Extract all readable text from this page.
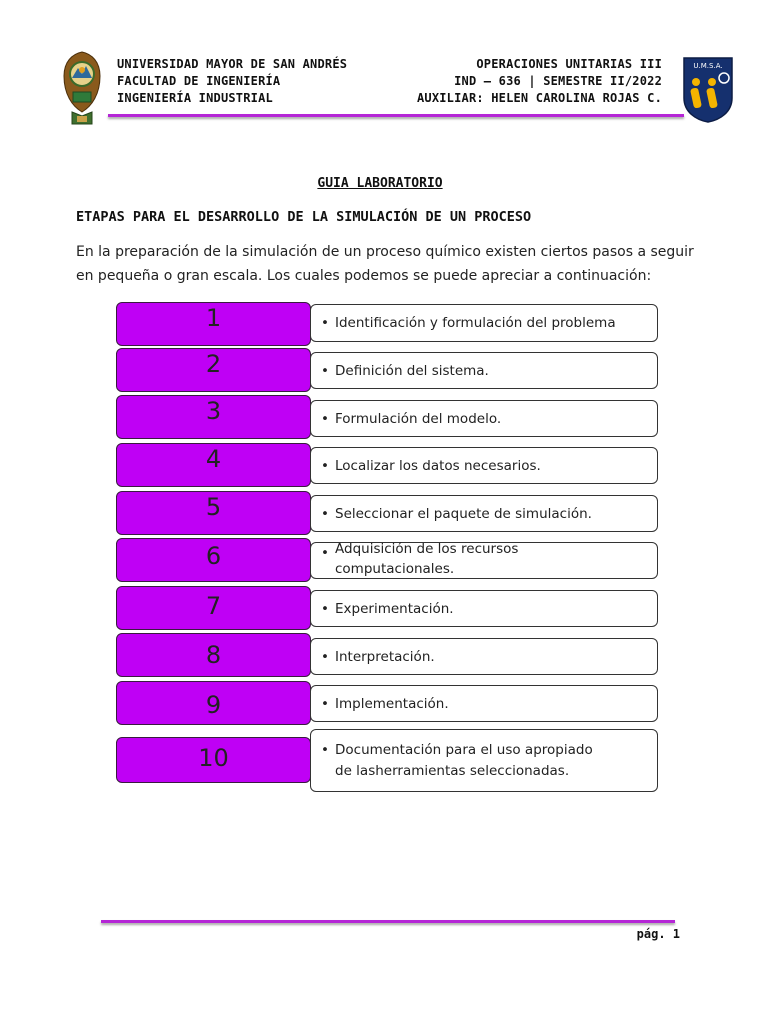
UNIVERSIDAD MAYOR DE SAN ANDRÉS
FACULTAD DE INGENIERÍA
INGENIERÍA INDUSTRIAL
OPERACIONES UNITARIAS III
IND – 636 | SEMESTRE II/2022
AUXILIAR: HELEN CAROLINA ROJAS C.
U.M.S.A.
GUIA LABORATORIO
ETAPAS PARA EL DESARROLLO DE LA SIMULACIÓN DE UN PROCESO
En la preparación de la simulación de un proceso químico existen ciertos pasos a seguir en pequeña o gran escala. Los cuales podemos se puede apreciar a continuación:
1	• Identificación y formulación del problema
2	• Definición del sistema.
3	• Formulación del modelo.
4	• Localizar los datos necesarios.
5	• Seleccionar el paquete de simulación.
6	• Adquisición de los recursos computacionales.
7	• Experimentación.
8	• Interpretación.
9	• Implementación.
10	• Documentación para el uso apropiado de lasherramientas seleccionadas.
pág. 1
